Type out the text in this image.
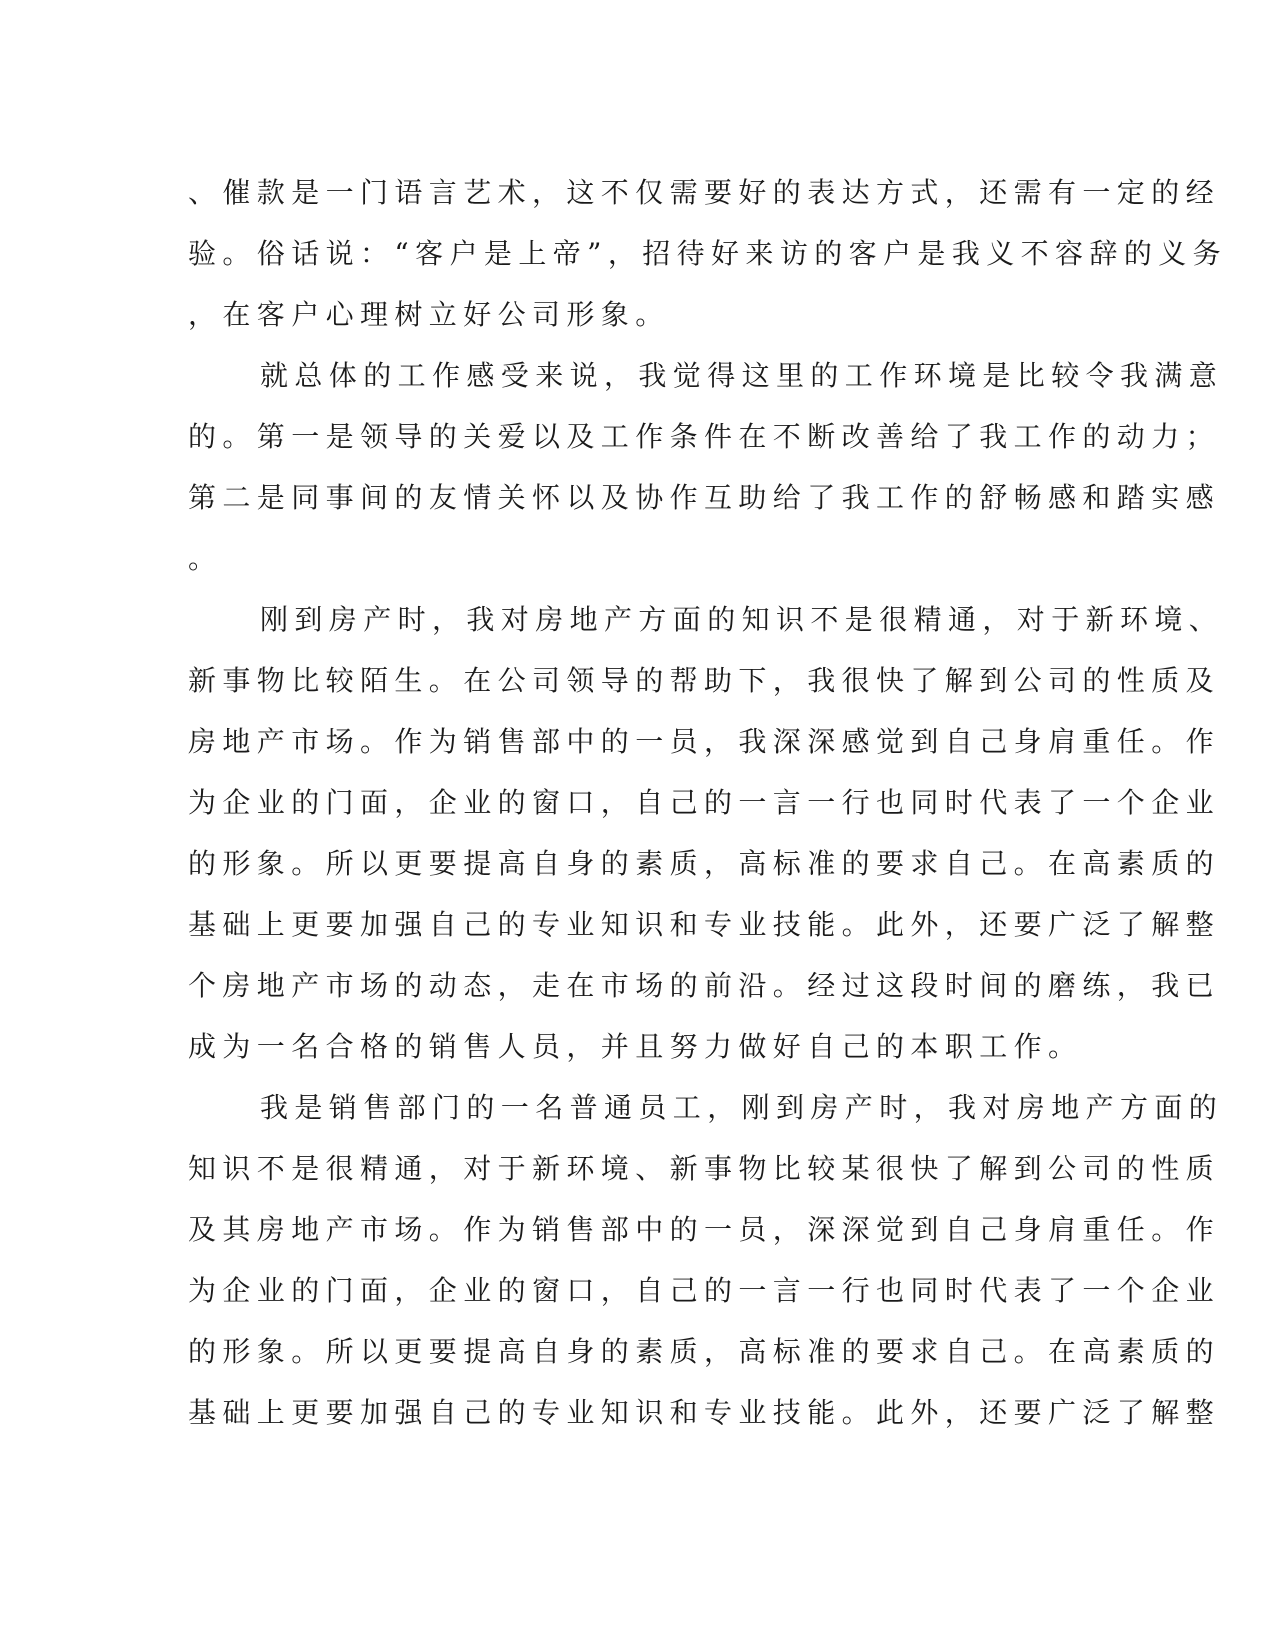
、催款是一门语言艺术，这不仅需要好的表达方式，还需有一定的经
验。俗话说：“客户是上帝”，招待好来访的客户是我义不容辞的义务
，在客户心理树立好公司形象。
就总体的工作感受来说，我觉得这里的工作环境是比较令我满意
的。第一是领导的关爱以及工作条件在不断改善给了我工作的动力；
第二是同事间的友情关怀以及协作互助给了我工作的舒畅感和踏实感
。
刚到房产时，我对房地产方面的知识不是很精通，对于新环境、
新事物比较陌生。在公司领导的帮助下，我很快了解到公司的性质及
房地产市场。作为销售部中的一员，我深深感觉到自己身肩重任。作
为企业的门面，企业的窗口，自己的一言一行也同时代表了一个企业
的形象。所以更要提高自身的素质，高标准的要求自己。在高素质的
基础上更要加强自己的专业知识和专业技能。此外，还要广泛了解整
个房地产市场的动态，走在市场的前沿。经过这段时间的磨练，我已
成为一名合格的销售人员，并且努力做好自己的本职工作。
我是销售部门的一名普通员工，刚到房产时，我对房地产方面的
知识不是很精通，对于新环境、新事物比较某很快了解到公司的性质
及其房地产市场。作为销售部中的一员，深深觉到自己身肩重任。作
为企业的门面，企业的窗口，自己的一言一行也同时代表了一个企业
的形象。所以更要提高自身的素质，高标准的要求自己。在高素质的
基础上更要加强自己的专业知识和专业技能。此外，还要广泛了解整
